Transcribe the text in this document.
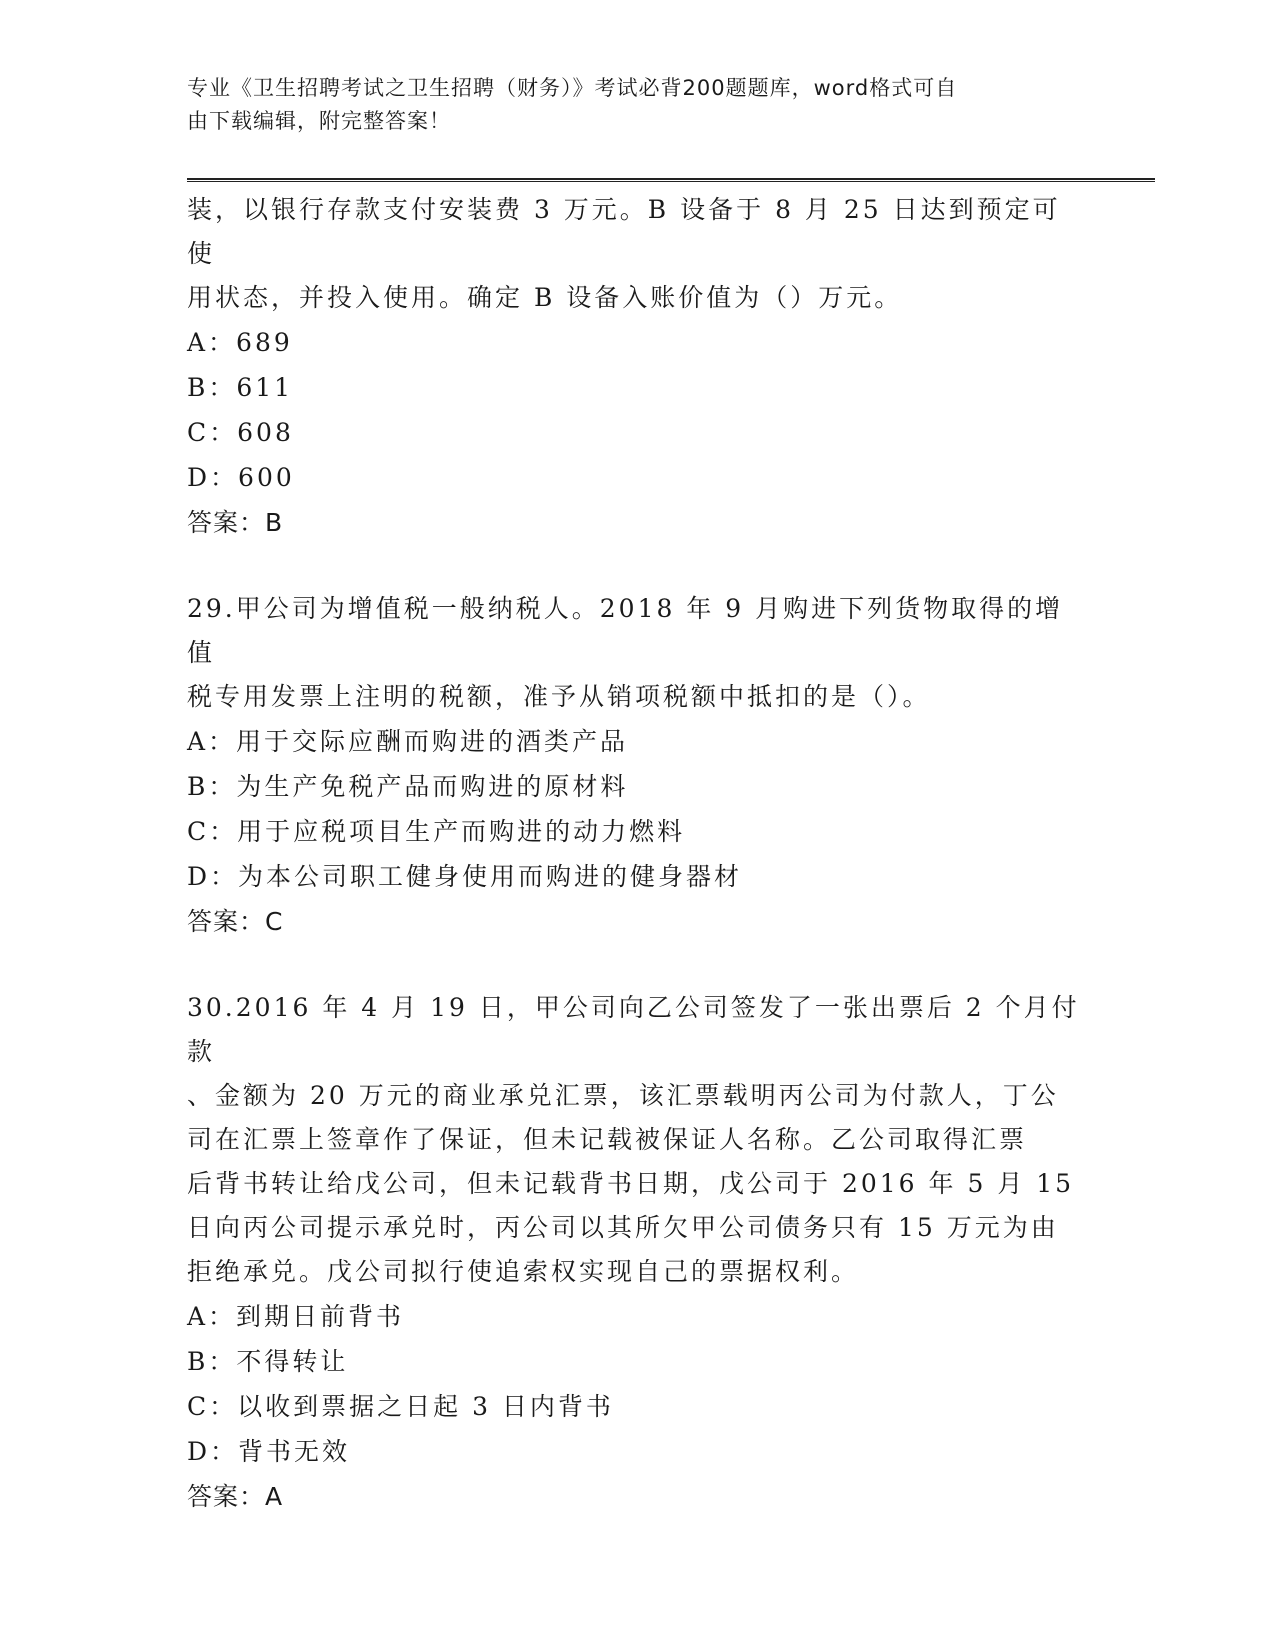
专业《卫生招聘考试之卫生招聘（财务）》考试必背200题题库，word格式可自
由下载编辑，附完整答案！

装，以银行存款支付安装费 3 万元。B 设备于 8 月 25 日达到预定可使

用状态，并投入使用。确定 B 设备入账价值为（）万元。

A：689

B：611

C：608

D：600

答案：B

29.甲公司为增值税一般纳税人。2018 年 9 月购进下列货物取得的增值

税专用发票上注明的税额，准予从销项税额中抵扣的是（）。

A：用于交际应酬而购进的酒类产品

B：为生产免税产品而购进的原材料

C：用于应税项目生产而购进的动力燃料

D：为本公司职工健身使用而购进的健身器材

答案：C

30.2016 年 4 月 19 日，甲公司向乙公司签发了一张出票后 2 个月付款

、金额为 20 万元的商业承兑汇票，该汇票载明丙公司为付款人，丁公

司在汇票上签章作了保证，但未记载被保证人名称。乙公司取得汇票

后背书转让给戊公司，但未记载背书日期，戊公司于 2016 年 5 月 15

日向丙公司提示承兑时，丙公司以其所欠甲公司债务只有 15 万元为由

拒绝承兑。戊公司拟行使追索权实现自己的票据权利。

A：到期日前背书

B：不得转让

C：以收到票据之日起 3 日内背书

D：背书无效

答案：A
